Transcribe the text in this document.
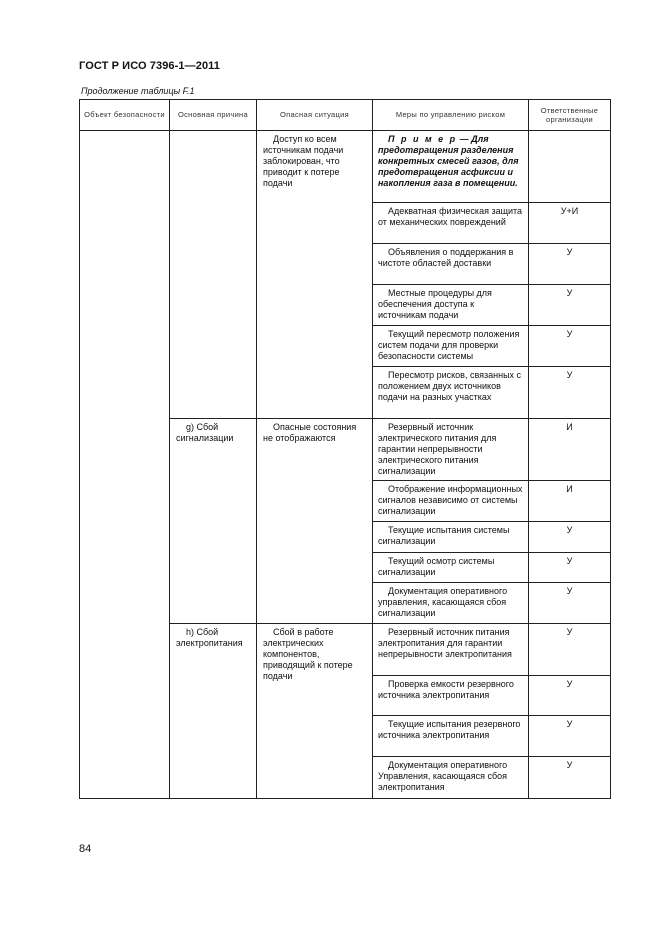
ГОСТ Р ИСО 7396-1—2011
Продолжение таблицы F.1
Объект безопасности	Основная причина	Опасная ситуация	Меры по управлению риском	Ответственные организации

		Доступ ко всем источникам подачи заблокирован, что приводит к потере подачи	П р и м е р — Для предотвращения разделения конкретных смесей газов, для предотвращения асфиксии и накопления газа в помещении.	

			Адекватная физическая защита от механических повреждений	У+И

			Объявления о поддержания в чистоте областей доставки	У

			Местные процедуры для обеспечения доступа к источникам подачи	У

			Текущий пересмотр положения систем подачи для проверки безопасности системы	У

			Пересмотр рисков, связанных с положением двух источников подачи на разных участках	У

	g) Сбой сигнализации	Опасные состояния не отображаются	Резервный источник электрического питания для гарантии непрерывности электрического питания сигнализации	И

			Отображение информационных сигналов независимо от системы сигнализации	И

			Текущие испытания системы сигнализации	У

			Текущий осмотр системы сигнализации	У

			Документация оперативного управления, касающаяся сбоя сигнализации	У

	h) Сбой электропитания	Сбой в работе электрических компонентов, приводящий к потере подачи	Резервный источник питания электропитания для гарантии непрерывности электропитания	У

			Проверка емкости резервного источника электропитания	У

			Текущие испытания резервного источника электропитания	У

			Документация оперативного Управления, касающаяся сбоя электропитания	У
84
